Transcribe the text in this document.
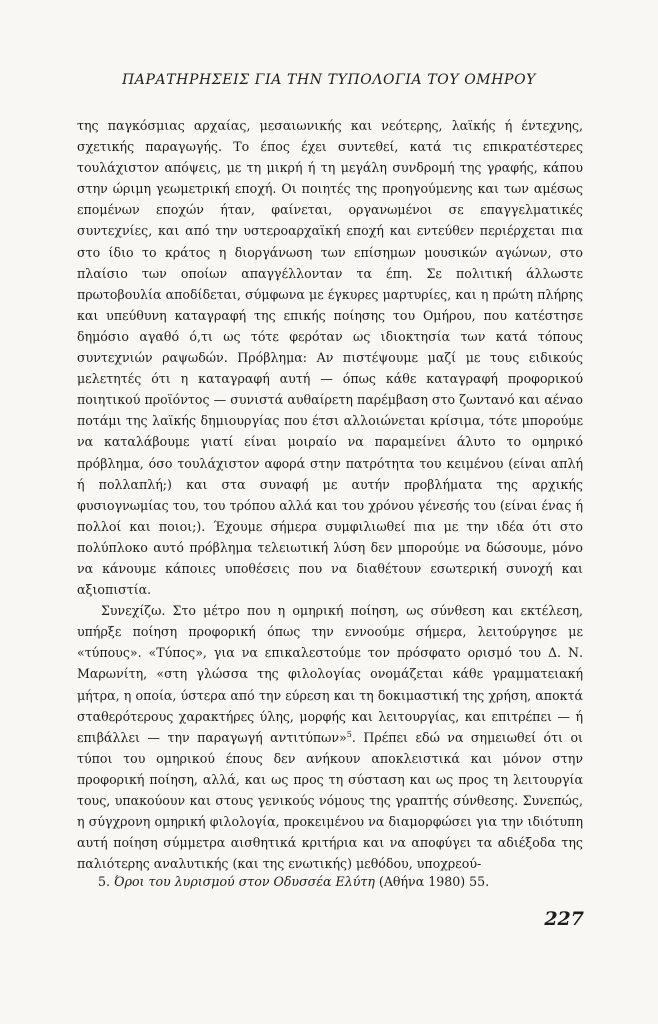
ΠΑΡΑΤΗΡΗΣΕΙΣ ΓΙΑ ΤΗΝ ΤΥΠΟΛΟΓΙΑ ΤΟΥ ΟΜΗΡΟΥ

της παγκόσμιας αρχαίας, μεσαιωνικής και νεότερης, λαϊκής ή έντεχνης, σχετικής παραγωγής. Το έπος έχει συντεθεί, κατά τις επικρατέστερες τουλάχιστον απόψεις, με τη μικρή ή τη μεγάλη συνδρομή της γραφής, κάπου στην ώριμη γεωμετρική εποχή. Οι ποιητές της προηγούμενης και των αμέσως επομένων εποχών ήταν, φαίνεται, οργανωμένοι σε επαγγελματικές συντεχνίες, και από την υστεροαρχαϊκή εποχή και εντεύθεν περιέρχεται πια στο ίδιο το κράτος η διοργάνωση των επίσημων μουσικών αγώνων, στο πλαίσιο των οποίων απαγγέλλονταν τα έπη. Σε πολιτική άλλωστε πρωτοβουλία αποδίδεται, σύμφωνα με έγκυρες μαρτυρίες, και η πρώτη πλήρης και υπεύθυνη καταγραφή της επικής ποίησης του Ομήρου, που κατέστησε δημόσιο αγαθό ό,τι ως τότε φερόταν ως ιδιοκτησία των κατά τόπους συντεχνιών ραψωδών. Πρόβλημα: Αν πιστέψουμε μαζί με τους ειδικούς μελετητές ότι η καταγραφή αυτή — όπως κάθε καταγραφή προφορικού ποιητικού προϊόντος — συνιστά αυθαίρετη παρέμβαση στο ζωντανό και αέναο ποτάμι της λαϊκής δημιουργίας που έτσι αλλοιώνεται κρίσιμα, τότε μπορούμε να καταλάβουμε γιατί είναι μοιραίο να παραμείνει άλυτο το ομηρικό πρόβλημα, όσο τουλάχιστον αφορά στην πατρότητα του κειμένου (είναι απλή ή πολλαπλή;) και στα συναφή με αυτήν προβλήματα της αρχικής φυσιογνωμίας του, του τρόπου αλλά και του χρόνου γένεσής του (είναι ένας ή πολλοί και ποιοι;). Έχουμε σήμερα συμφιλιωθεί πια με την ιδέα ότι στο πολύπλοκο αυτό πρόβλημα τελειωτική λύση δεν μπορούμε να δώσουμε, μόνο να κάνουμε κάποιες υποθέσεις που να διαθέτουν εσωτερική συνοχή και αξιοπιστία.

Συνεχίζω. Στο μέτρο που η ομηρική ποίηση, ως σύνθεση και εκτέλεση, υπήρξε ποίηση προφορική όπως την εννοούμε σήμερα, λειτούργησε με «τύπους». «Τύπος», για να επικαλεστούμε τον πρόσφατο ορισμό του Δ. Ν. Μαρωνίτη, «στη γλώσσα της φιλολογίας ονομάζεται κάθε γραμματειακή μήτρα, η οποία, ύστερα από την εύρεση και τη δοκιμαστική της χρήση, αποκτά σταθερότερους χαρακτήρες ύλης, μορφής και λειτουργίας, και επιτρέπει — ή επιβάλλει — την παραγωγή αντιτύπων»$^5$. Πρέπει εδώ να σημειωθεί ότι οι τύποι του ομηρικού έπους δεν ανήκουν αποκλειστικά και μόνον στην προφορική ποίηση, αλλά, και ως προς τη σύσταση και ως προς τη λειτουργία τους, υπακούουν και στους γενικούς νόμους της γραπτής σύνθεσης. Συνεπώς, η σύγχρονη ομηρική φιλολογία, προκειμένου να διαμορφώσει για την ιδιότυπη αυτή ποίηση σύμμετρα αισθητικά κριτήρια και να αποφύγει τα αδιέξοδα της παλιότερης αναλυτικής (και της ενωτικής) μεθόδου, υποχρεού-

5. Όροι του λυρισμού στον Οδυσσέα Ελύτη (Αθήνα 1980) 55.
227
